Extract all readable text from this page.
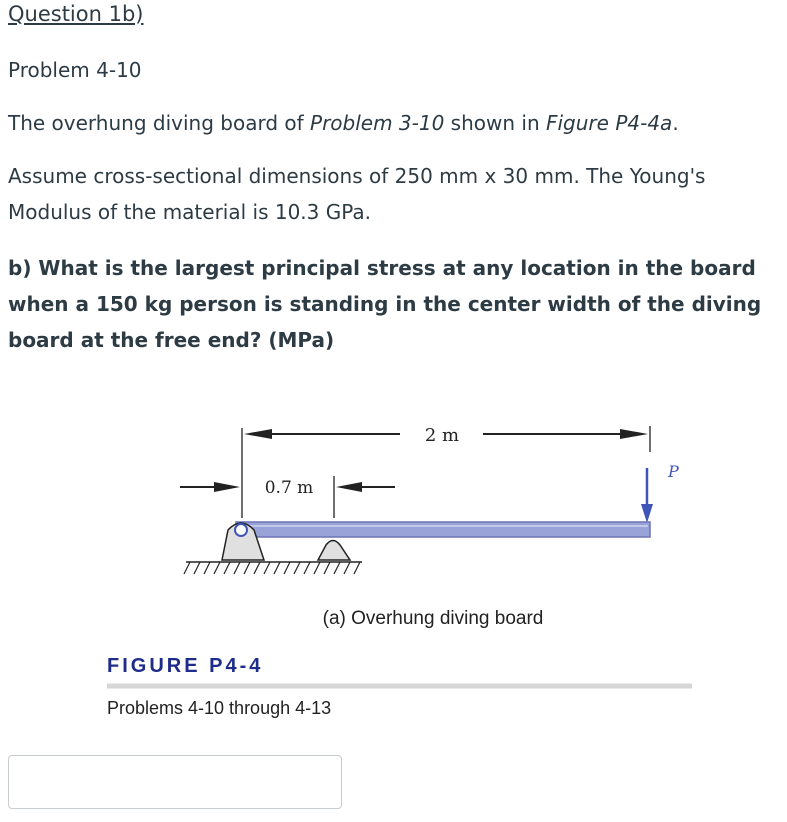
Question 1b)

Problem 4-10

The overhung diving board of Problem 3-10 shown in Figure P4-4a.

Assume cross-sectional dimensions of 250 mm x 30 mm. The Young's Modulus of the material is 10.3 GPa.

b) What is the largest principal stress at any location in the board when a 150 kg person is standing in the center width of the diving board at the free end? (MPa)

2 m
0.7 m
P
(a) Overhung diving board
FIGURE P4-4
Problems 4-10 through 4-13
